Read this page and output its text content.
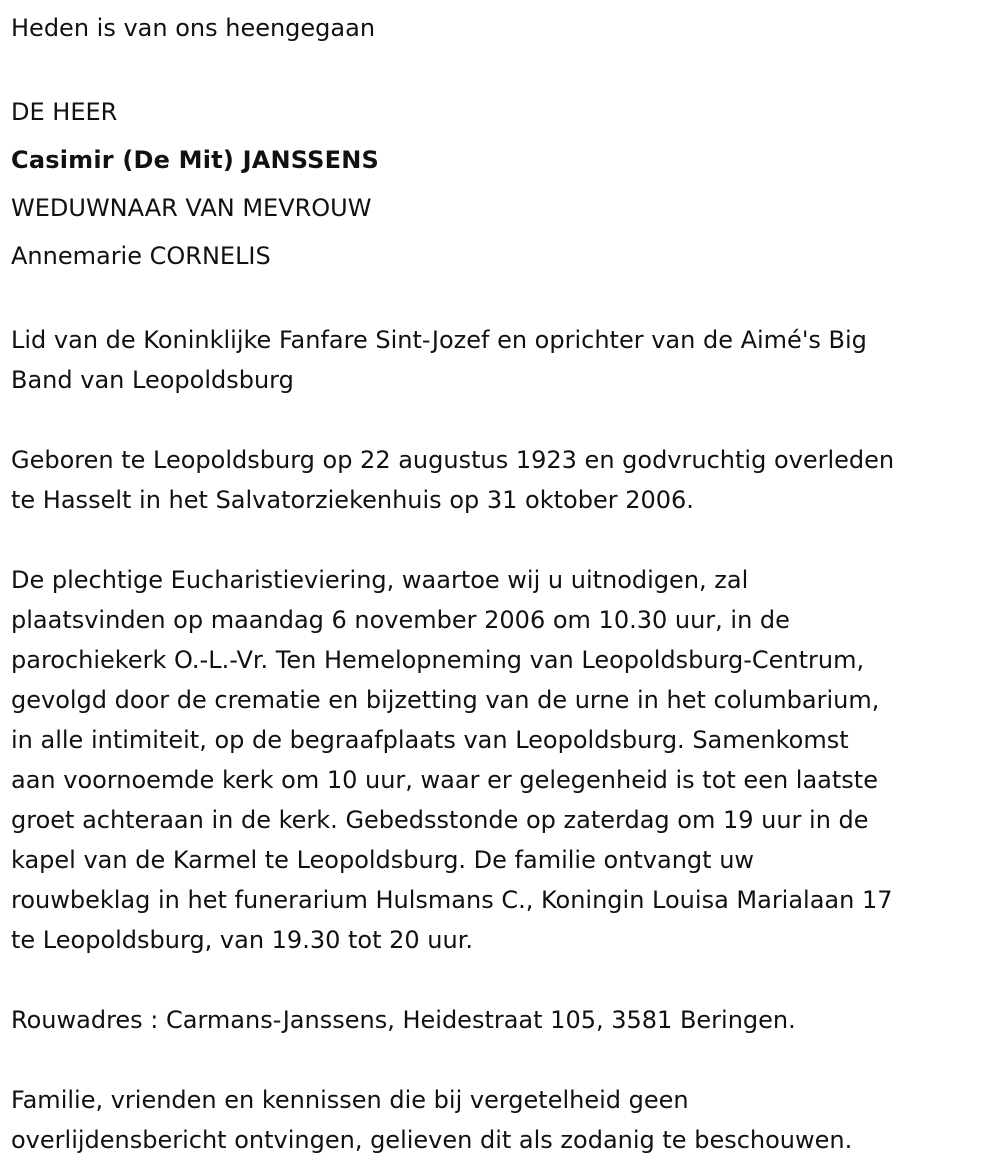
Heden is van ons heengegaan
DE HEER
Casimir (De Mit) JANSSENS
WEDUWNAAR VAN MEVROUW
Annemarie CORNELIS
Lid van de Koninklijke Fanfare Sint-Jozef en oprichter van de Aimé's Big
Band van Leopoldsburg
Geboren te Leopoldsburg op 22 augustus 1923 en godvruchtig overleden
te Hasselt in het Salvatorziekenhuis op 31 oktober 2006.
De plechtige Eucharistieviering, waartoe wij u uitnodigen, zal
plaatsvinden op maandag 6 november 2006 om 10.30 uur, in de
parochiekerk O.-L.-Vr. Ten Hemelopneming van Leopoldsburg-Centrum,
gevolgd door de crematie en bijzetting van de urne in het columbarium,
in alle intimiteit, op de begraafplaats van Leopoldsburg. Samenkomst
aan voornoemde kerk om 10 uur, waar er gelegenheid is tot een laatste
groet achteraan in de kerk. Gebedsstonde op zaterdag om 19 uur in de
kapel van de Karmel te Leopoldsburg. De familie ontvangt uw
rouwbeklag in het funerarium Hulsmans C., Koningin Louisa Marialaan 17
te Leopoldsburg, van 19.30 tot 20 uur.
Rouwadres : Carmans-Janssens, Heidestraat 105, 3581 Beringen.
Familie, vrienden en kennissen die bij vergetelheid geen
overlijdensbericht ontvingen, gelieven dit als zodanig te beschouwen.
